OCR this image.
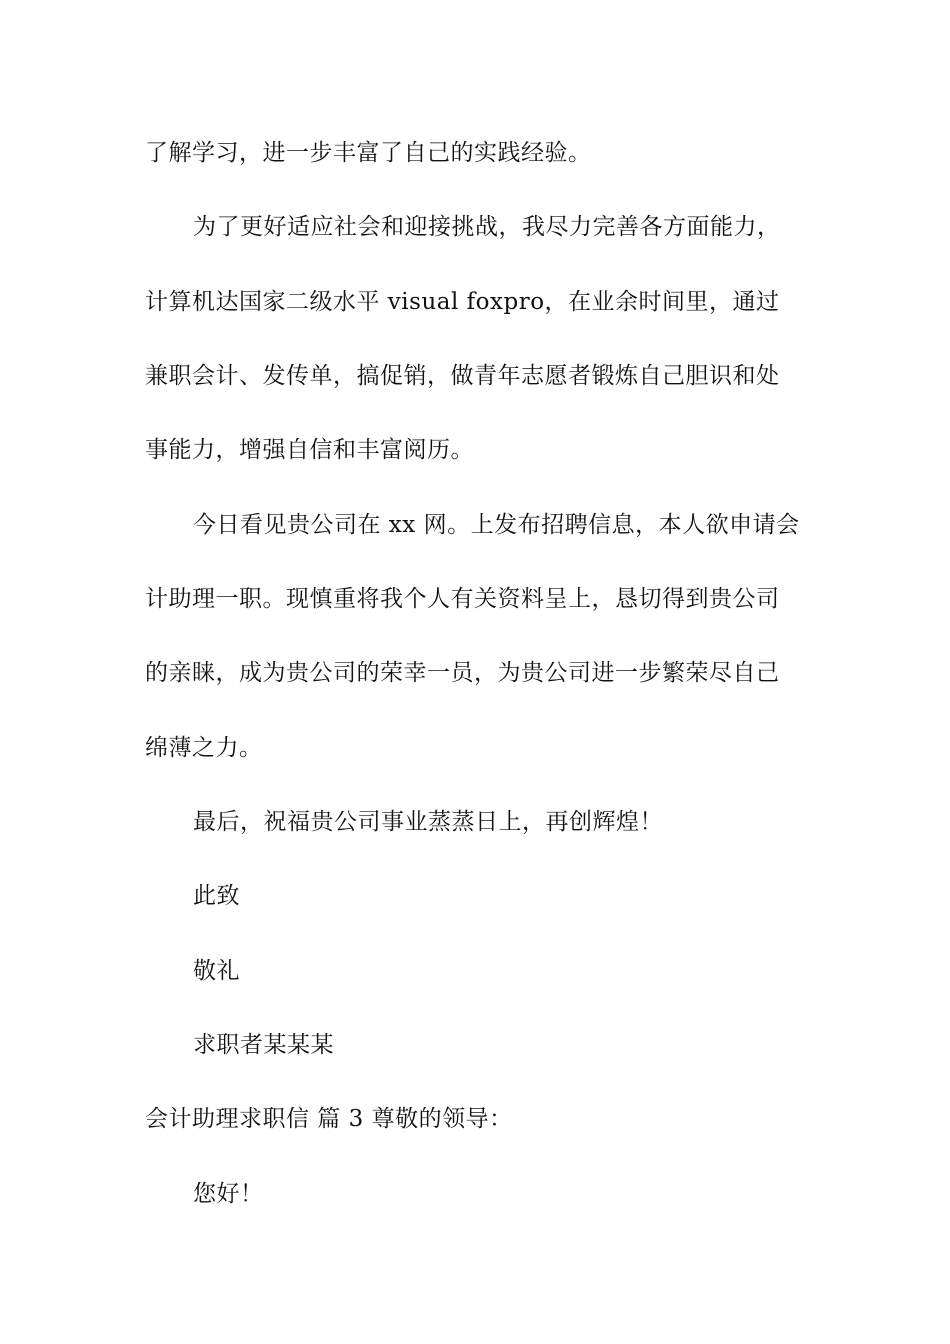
了解学习，进一步丰富了自己的实践经验。
为了更好适应社会和迎接挑战，我尽力完善各方面能力，
计算机达国家二级水平 visual foxpro，在业余时间里，通过
兼职会计、发传单，搞促销，做青年志愿者锻炼自己胆识和处
事能力，增强自信和丰富阅历。
今日看见贵公司在 xx 网。上发布招聘信息，本人欲申请会
计助理一职。现慎重将我个人有关资料呈上，恳切得到贵公司
的亲睐，成为贵公司的荣幸一员，为贵公司进一步繁荣尽自己
绵薄之力。
最后，祝福贵公司事业蒸蒸日上，再创辉煌！
此致
敬礼
求职者某某某
会计助理求职信 篇 3 尊敬的领导：
您好！
